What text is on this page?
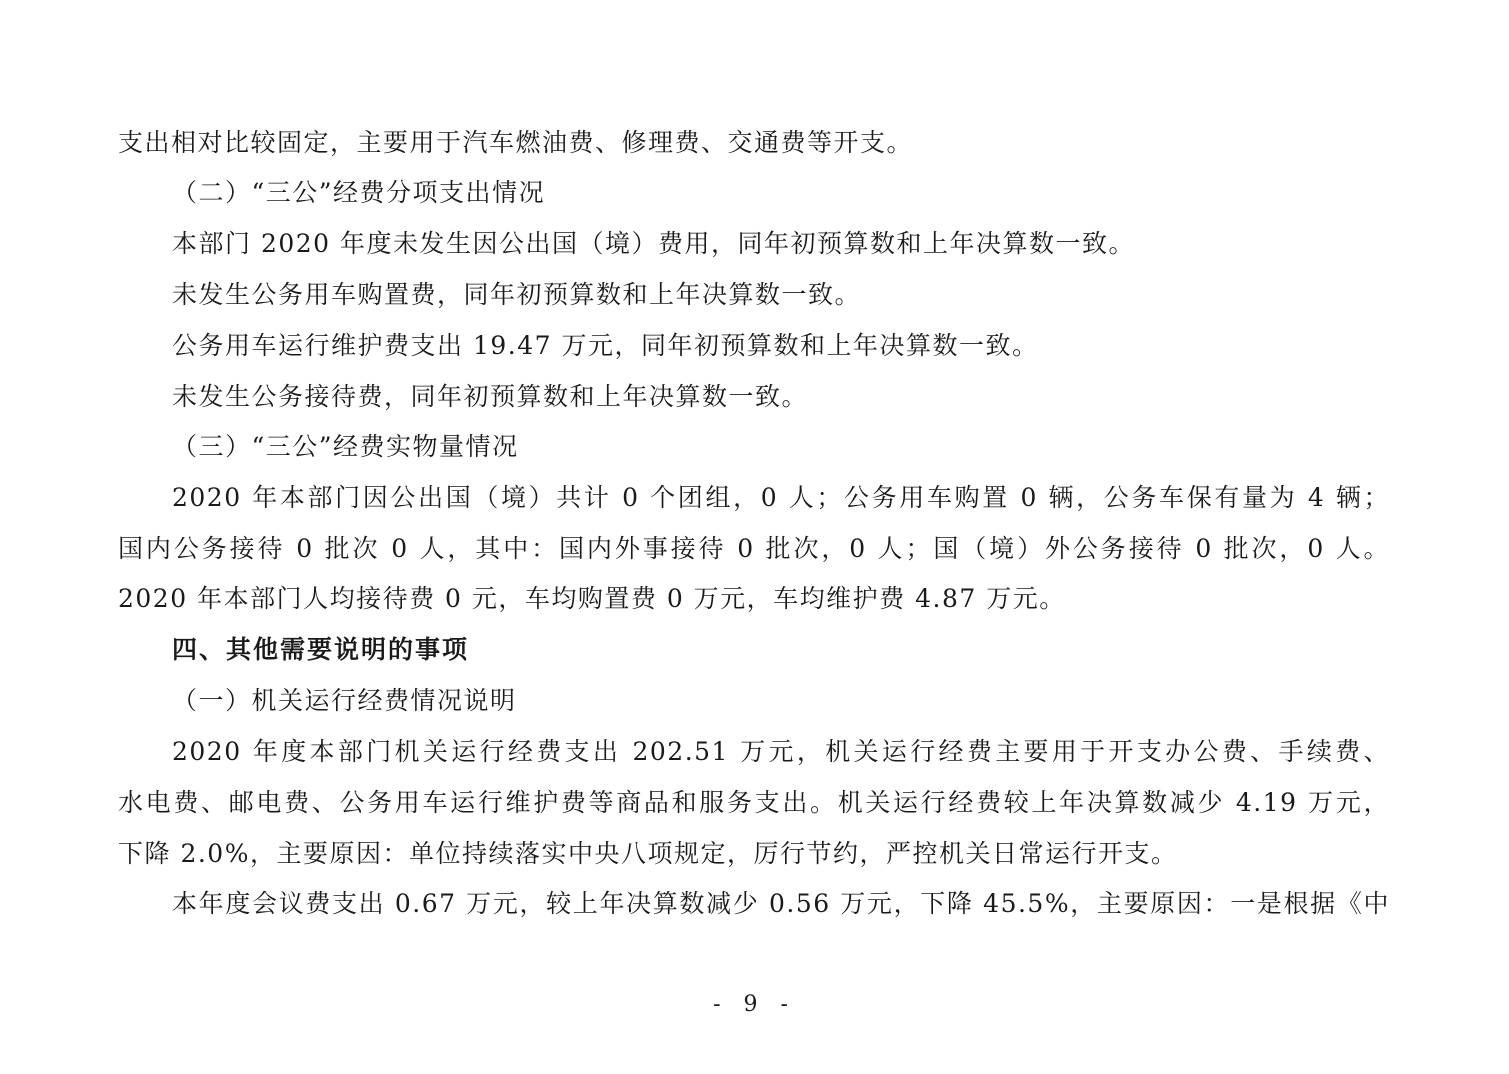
支出相对比较固定，主要用于汽车燃油费、修理费、交通费等开支。
（二）“三公”经费分项支出情况
本部门 2020 年度未发生因公出国（境）费用，同年初预算数和上年决算数一致。
未发生公务用车购置费，同年初预算数和上年决算数一致。
公务用车运行维护费支出 19.47 万元，同年初预算数和上年决算数一致。
未发生公务接待费，同年初预算数和上年决算数一致。
（三）“三公”经费实物量情况
2020 年本部门因公出国（境）共计 0 个团组，0 人；公务用车购置 0 辆，公务车保有量为 4 辆；
国内公务接待 0 批次 0 人，其中：国内外事接待 0 批次，0 人；国（境）外公务接待 0 批次，0 人。
2020 年本部门人均接待费 0 元，车均购置费 0 万元，车均维护费 4.87 万元。
四、其他需要说明的事项
（一）机关运行经费情况说明
2020 年度本部门机关运行经费支出 202.51 万元，机关运行经费主要用于开支办公费、手续费、
水电费、邮电费、公务用车运行维护费等商品和服务支出。机关运行经费较上年决算数减少 4.19 万元，
下降 2.0%，主要原因：单位持续落实中央八项规定，厉行节约，严控机关日常运行开支。
本年度会议费支出 0.67 万元，较上年决算数减少 0.56 万元，下降 45.5%，主要原因：一是根据《中
- 9 -
